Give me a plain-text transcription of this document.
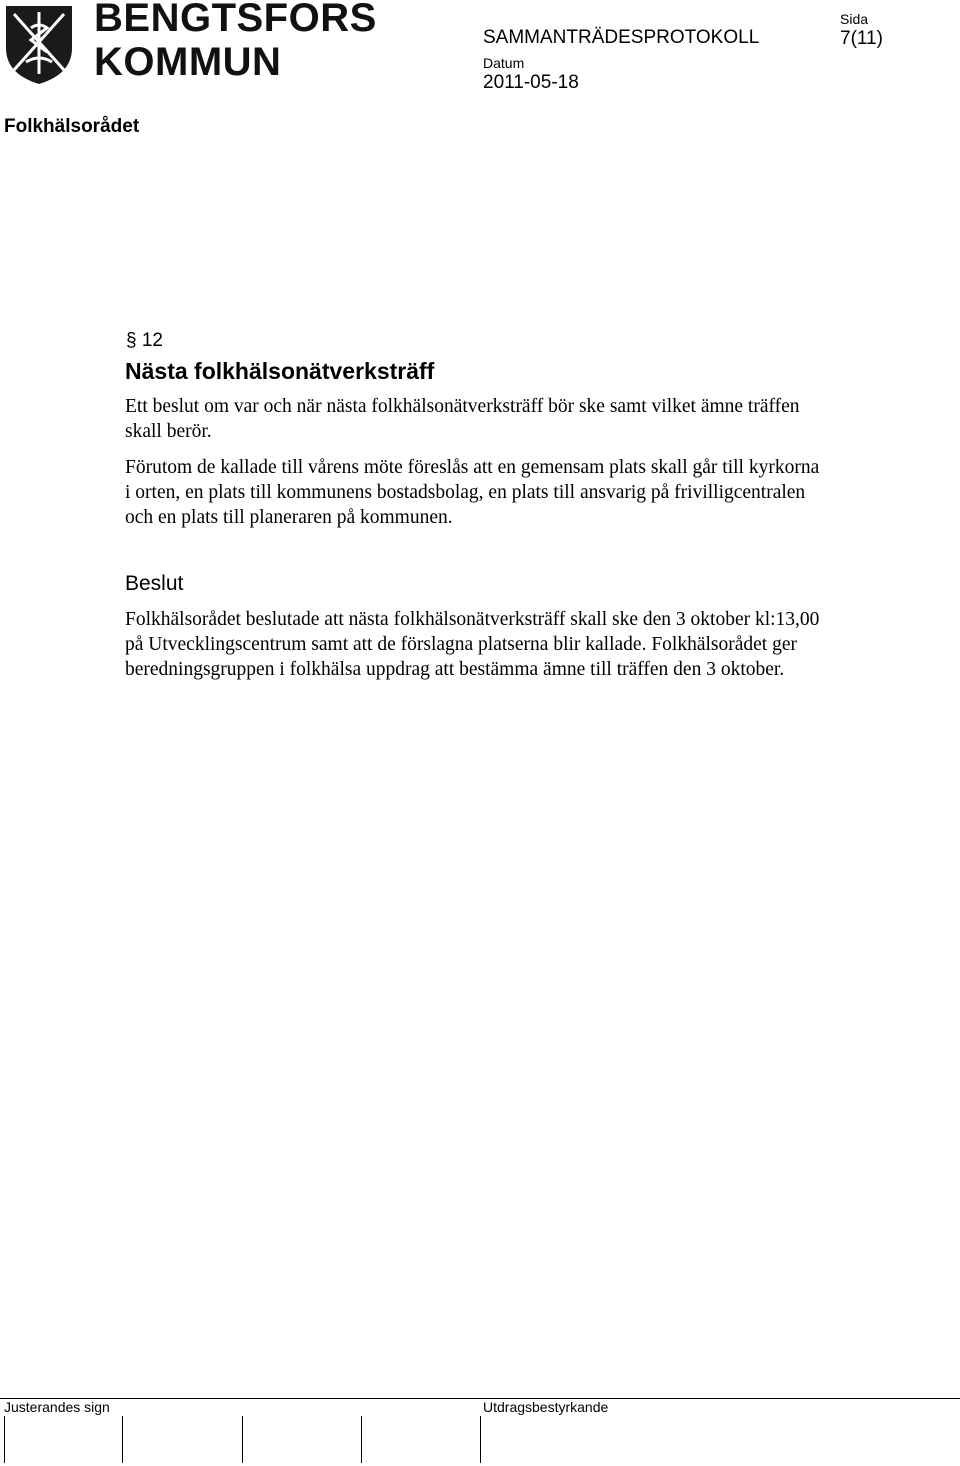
BENGTSFORS
KOMMUN
SAMMANTRÄDESPROTOKOLL
Datum
2011-05-18
Sida
7(11)
Folkhälsorådet
§ 12
Nästa folkhälsonätverksträff

Ett beslut om var och när nästa folkhälsonätverksträff bör ske samt vilket ämne träffen skall berör.

Förutom de kallade till vårens möte föreslås att en gemensam plats skall går till kyrkorna i orten, en plats till kommunens bostadsbolag, en plats till ansvarig på frivilligcentralen och en plats till planeraren på kommunen.

Beslut

Folkhälsorådet beslutade att nästa folkhälsonätverksträff skall ske den 3 oktober kl:13,00 på Utvecklingscentrum samt att de förslagna platserna blir kallade. Folkhälsorådet ger beredningsgruppen i folkhälsa uppdrag att bestämma ämne till träffen den 3 oktober.

Justerandes sign	Utdragsbestyrkande
